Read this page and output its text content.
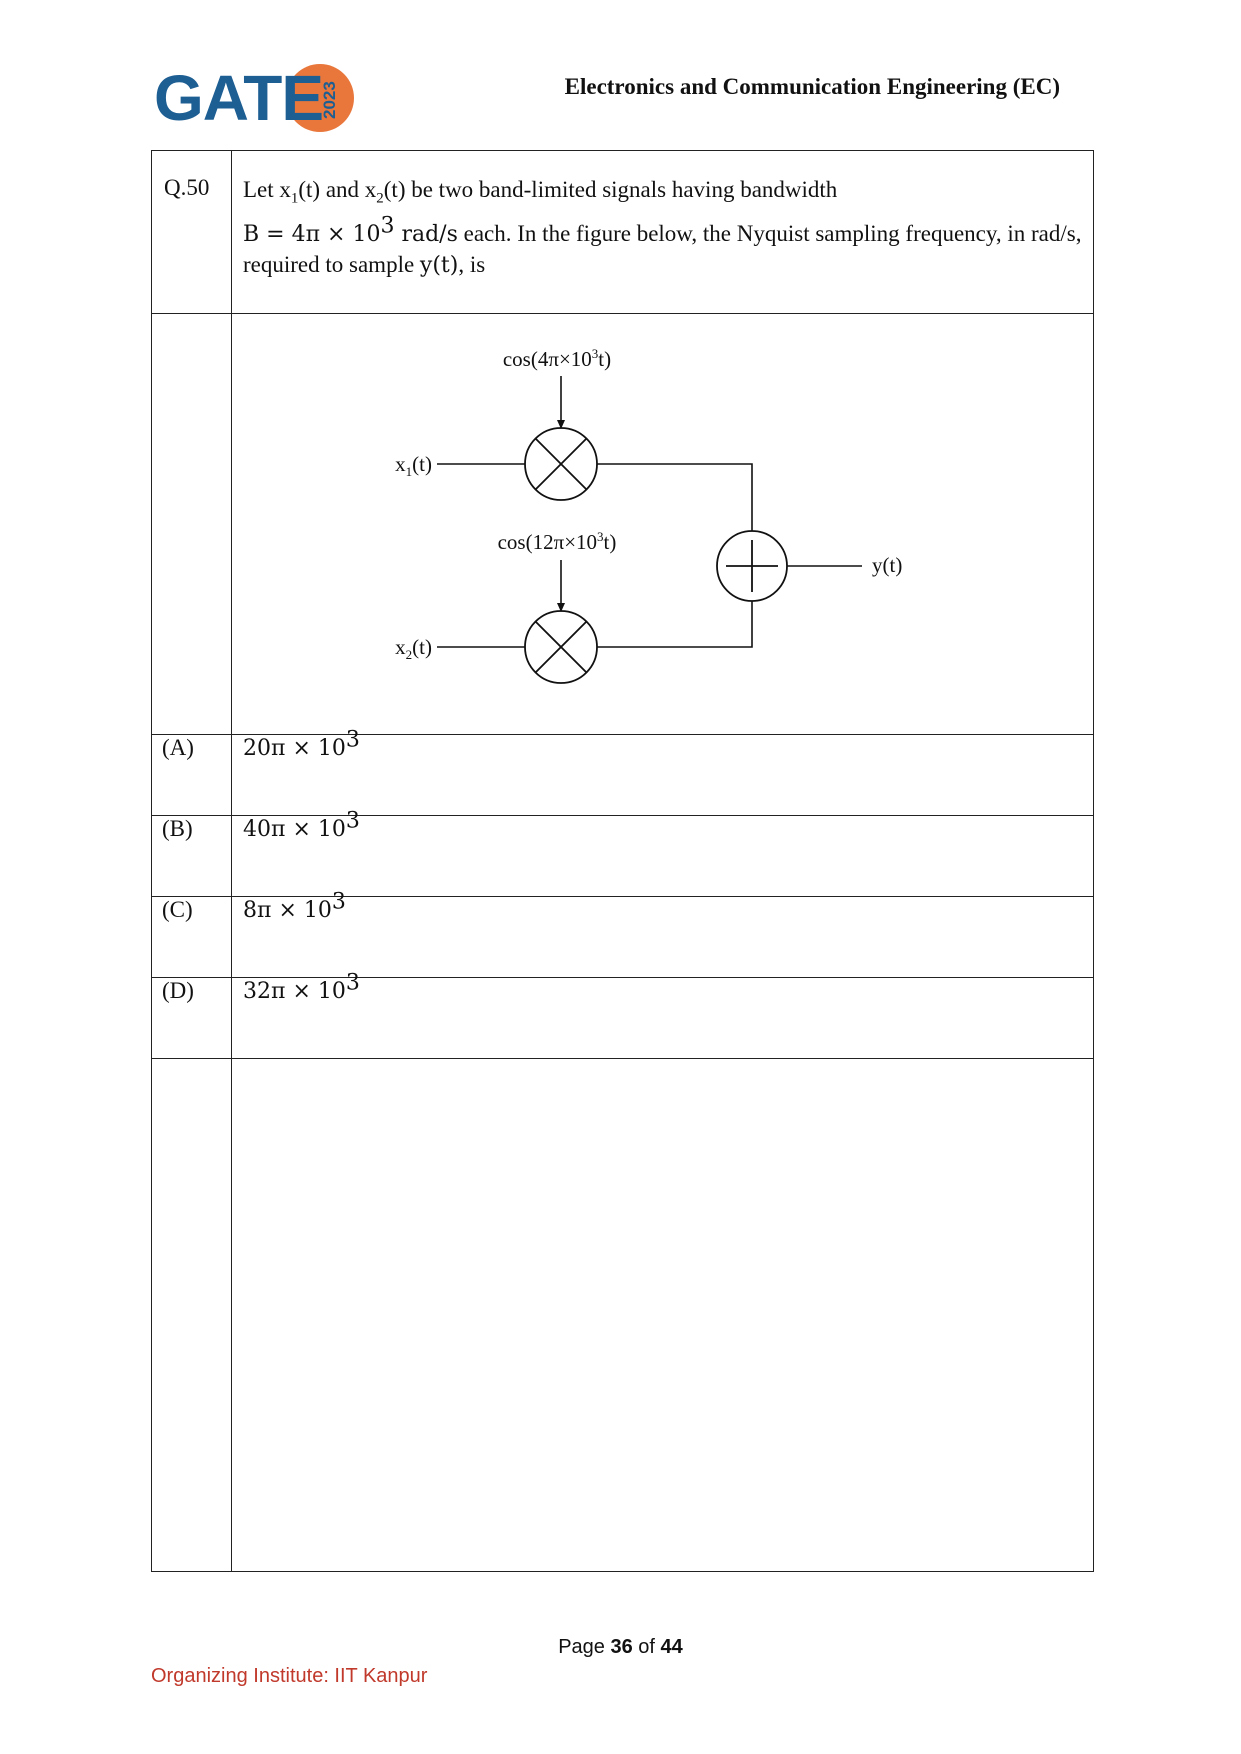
GATE
2023	Electronics and Communication Engineering (EC)
Q.50	Let $x_1(t)$ and $x_2(t)$ be two band-limited signals having bandwidth

$B = 4\pi \times 10^3$ rad/s each. In the figure below, the Nyquist sampling frequency, in rad/s, required to sample y(t), is

$\cos(4\pi\times 10^3t)$
$x_1(t)$
$\cos(12\pi\times 10^3t)$
$x_2(t)$
y(t)

(A)	$20\pi \times 10^3$
(B)	$40\pi \times 10^3$
(C)	$8\pi \times 10^3$
(D)	$32\pi \times 10^3$

Page 36 of 44
Organizing Institute: IIT Kanpur
